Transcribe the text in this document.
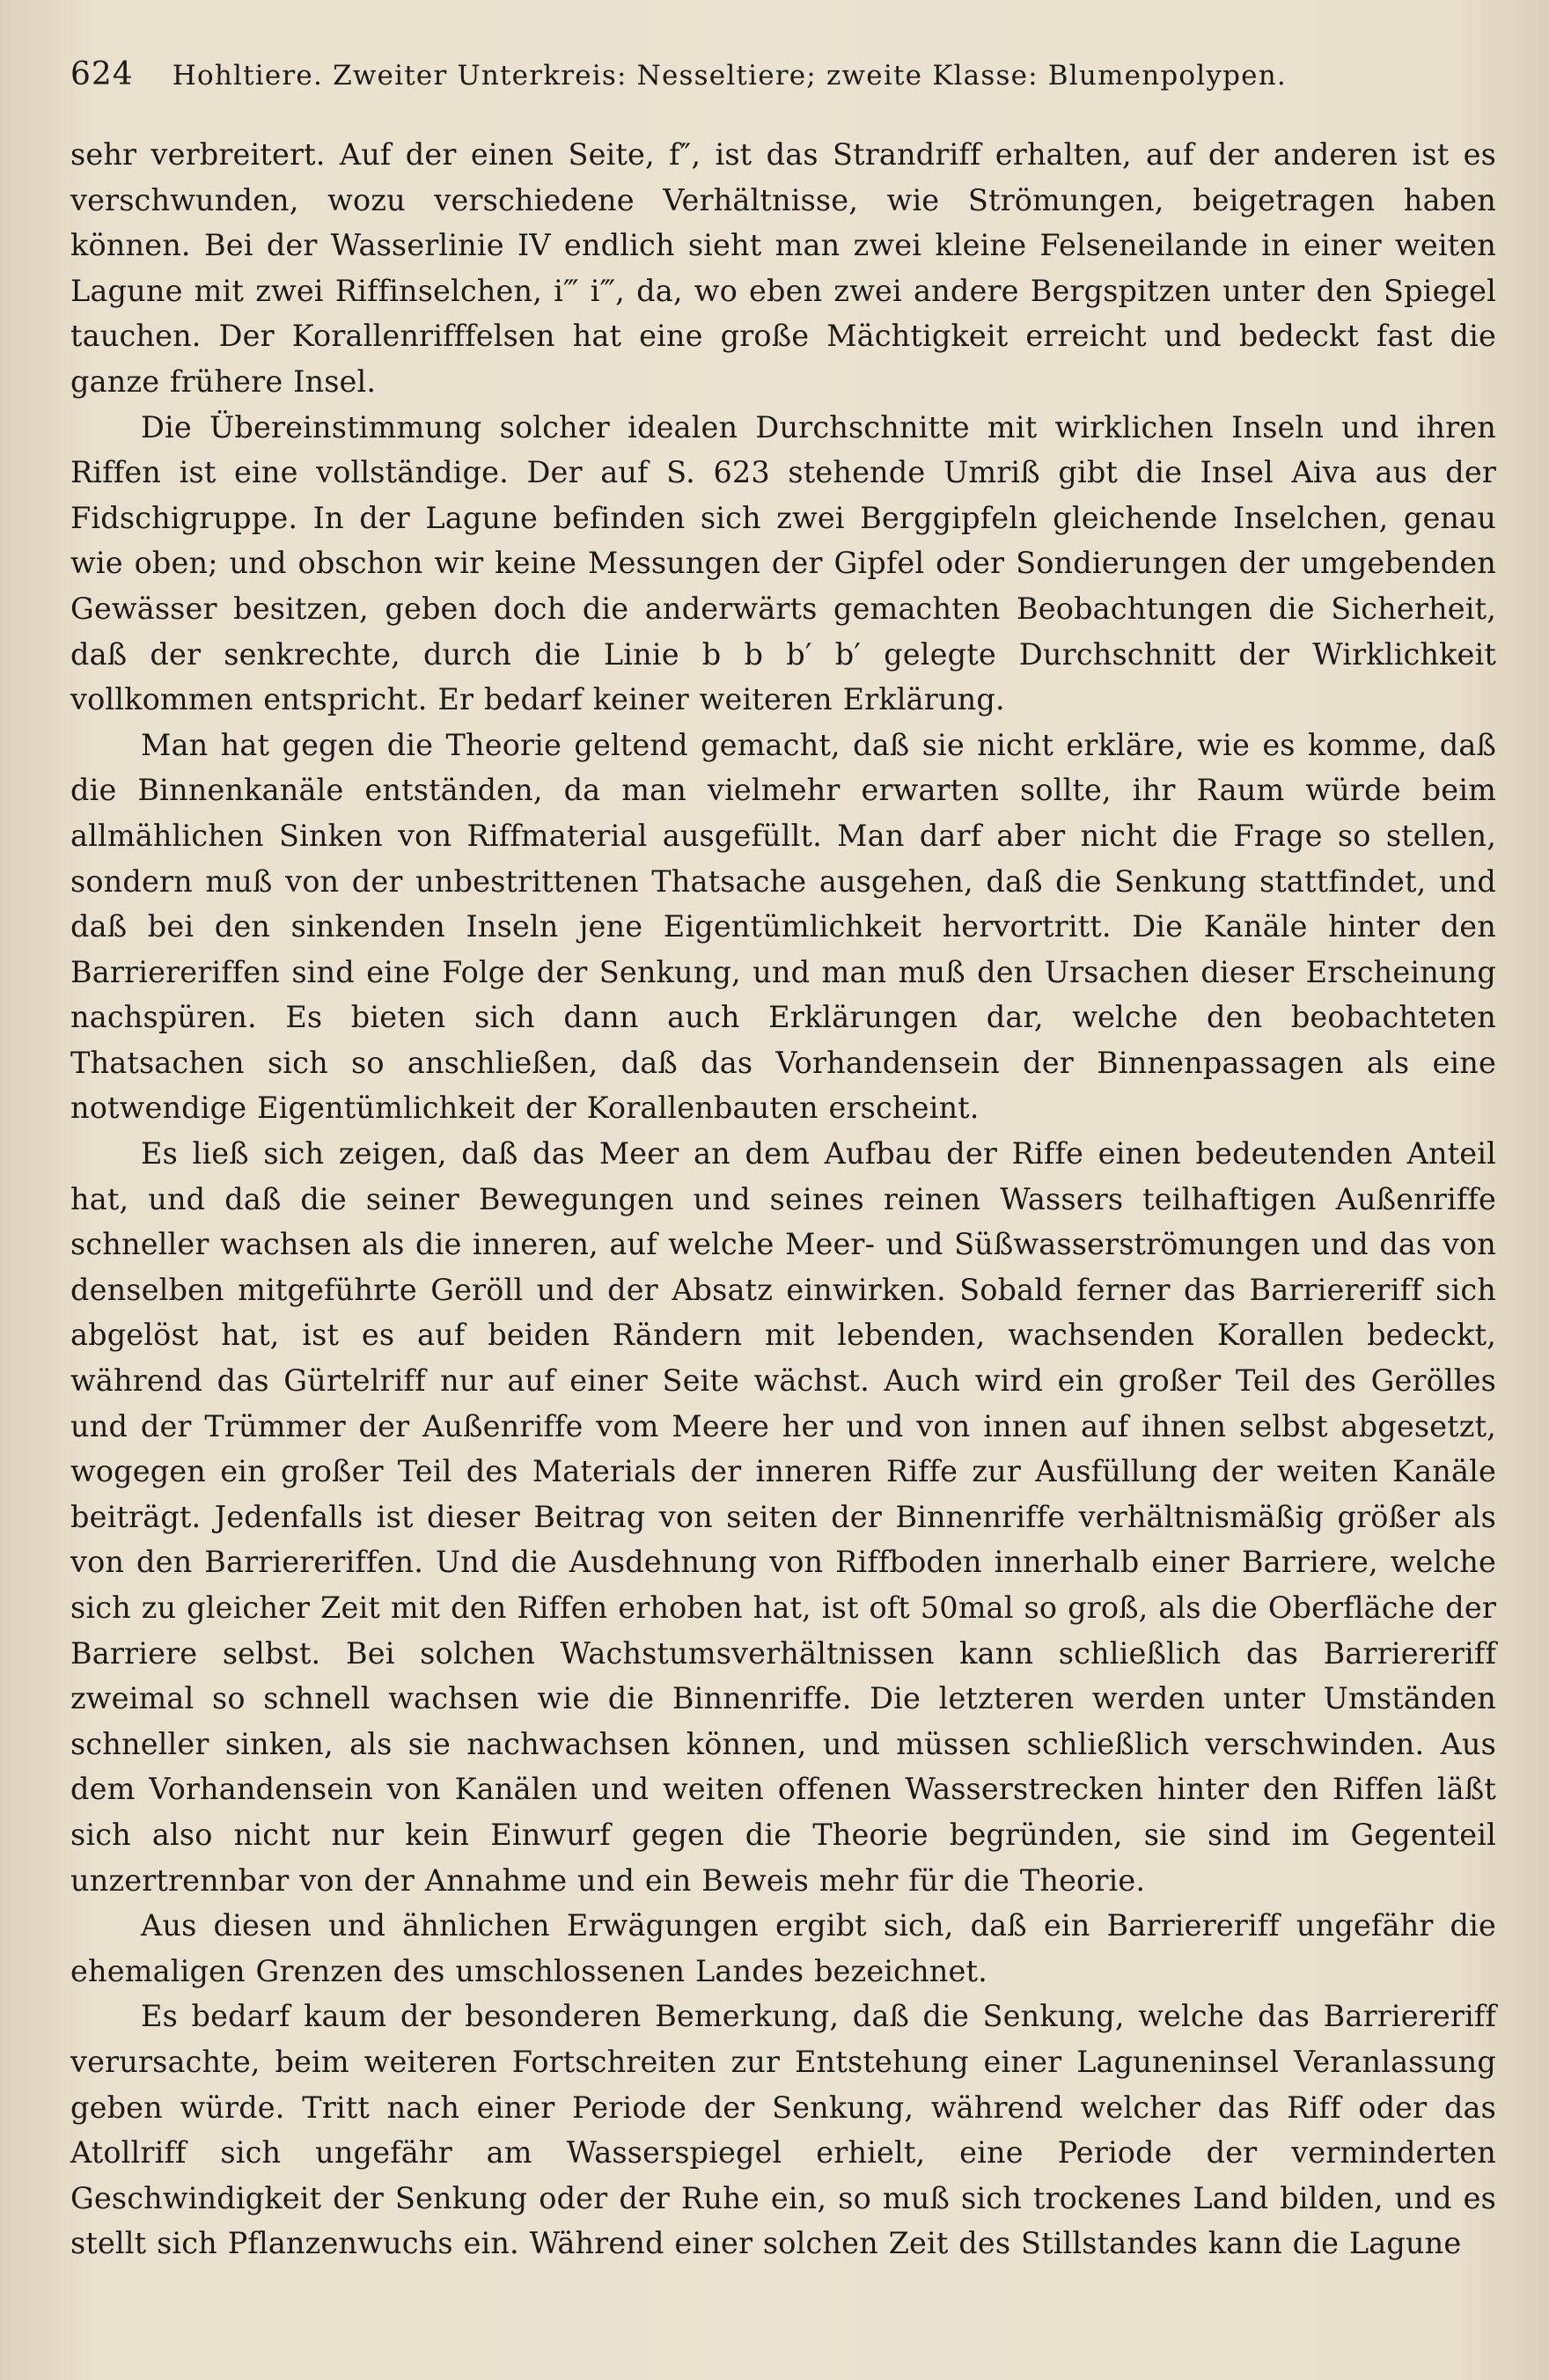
624 Hohltiere. Zweiter Unterkreis: Nesseltiere; zweite Klasse: Blumenpolypen.

sehr verbreitert. Auf der einen Seite, f″, ist das Strandriff erhalten, auf der anderen ist es verschwunden, wozu verschiedene Verhältnisse, wie Strömungen, beigetragen haben können. Bei der Wasserlinie IV endlich sieht man zwei kleine Felseneilande in einer weiten Lagune mit zwei Riffinselchen, i‴ i‴, da, wo eben zwei andere Bergspitzen unter den Spiegel tauchen. Der Korallenrifffelsen hat eine große Mächtigkeit erreicht und bedeckt fast die ganze frühere Insel.

Die Übereinstimmung solcher idealen Durchschnitte mit wirklichen Inseln und ihren Riffen ist eine vollständige. Der auf S. 623 stehende Umriß gibt die Insel Aiva aus der Fidschigruppe. In der Lagune befinden sich zwei Berggipfeln gleichende Inselchen, genau wie oben; und obschon wir keine Messungen der Gipfel oder Sondierungen der umgebenden Gewässer besitzen, geben doch die anderwärts gemachten Beobachtungen die Sicherheit, daß der senkrechte, durch die Linie b b b′ b′ gelegte Durchschnitt der Wirklichkeit vollkommen entspricht. Er bedarf keiner weiteren Erklärung.

Man hat gegen die Theorie geltend gemacht, daß sie nicht erkläre, wie es komme, daß die Binnenkanäle entständen, da man vielmehr erwarten sollte, ihr Raum würde beim allmählichen Sinken von Riffmaterial ausgefüllt. Man darf aber nicht die Frage so stellen, sondern muß von der unbestrittenen Thatsache ausgehen, daß die Senkung stattfindet, und daß bei den sinkenden Inseln jene Eigentümlichkeit hervortritt. Die Kanäle hinter den Barriereriffen sind eine Folge der Senkung, und man muß den Ursachen dieser Erscheinung nachspüren. Es bieten sich dann auch Erklärungen dar, welche den beobachteten Thatsachen sich so anschließen, daß das Vorhandensein der Binnenpassagen als eine notwendige Eigentümlichkeit der Korallenbauten erscheint.

Es ließ sich zeigen, daß das Meer an dem Aufbau der Riffe einen bedeutenden Anteil hat, und daß die seiner Bewegungen und seines reinen Wassers teilhaftigen Außenriffe schneller wachsen als die inneren, auf welche Meer- und Süßwasserströmungen und das von denselben mitgeführte Geröll und der Absatz einwirken. Sobald ferner das Barriereriff sich abgelöst hat, ist es auf beiden Rändern mit lebenden, wachsenden Korallen bedeckt, während das Gürtelriff nur auf einer Seite wächst. Auch wird ein großer Teil des Gerölles und der Trümmer der Außenriffe vom Meere her und von innen auf ihnen selbst abgesetzt, wogegen ein großer Teil des Materials der inneren Riffe zur Ausfüllung der weiten Kanäle beiträgt. Jedenfalls ist dieser Beitrag von seiten der Binnenriffe verhältnismäßig größer als von den Barriereriffen. Und die Ausdehnung von Riffboden innerhalb einer Barriere, welche sich zu gleicher Zeit mit den Riffen erhoben hat, ist oft 50mal so groß, als die Oberfläche der Barriere selbst. Bei solchen Wachstumsverhältnissen kann schließlich das Barriereriff zweimal so schnell wachsen wie die Binnenriffe. Die letzteren werden unter Umständen schneller sinken, als sie nachwachsen können, und müssen schließlich verschwinden. Aus dem Vorhandensein von Kanälen und weiten offenen Wasserstrecken hinter den Riffen läßt sich also nicht nur kein Einwurf gegen die Theorie begründen, sie sind im Gegenteil unzertrennbar von der Annahme und ein Beweis mehr für die Theorie.

Aus diesen und ähnlichen Erwägungen ergibt sich, daß ein Barriereriff ungefähr die ehemaligen Grenzen des umschlossenen Landes bezeichnet.

Es bedarf kaum der besonderen Bemerkung, daß die Senkung, welche das Barriereriff verursachte, beim weiteren Fortschreiten zur Entstehung einer Laguneninsel Veranlassung geben würde. Tritt nach einer Periode der Senkung, während welcher das Riff oder das Atollriff sich ungefähr am Wasserspiegel erhielt, eine Periode der verminderten Geschwindigkeit der Senkung oder der Ruhe ein, so muß sich trockenes Land bilden, und es stellt sich Pflanzenwuchs ein. Während einer solchen Zeit des Stillstandes kann die Lagune
